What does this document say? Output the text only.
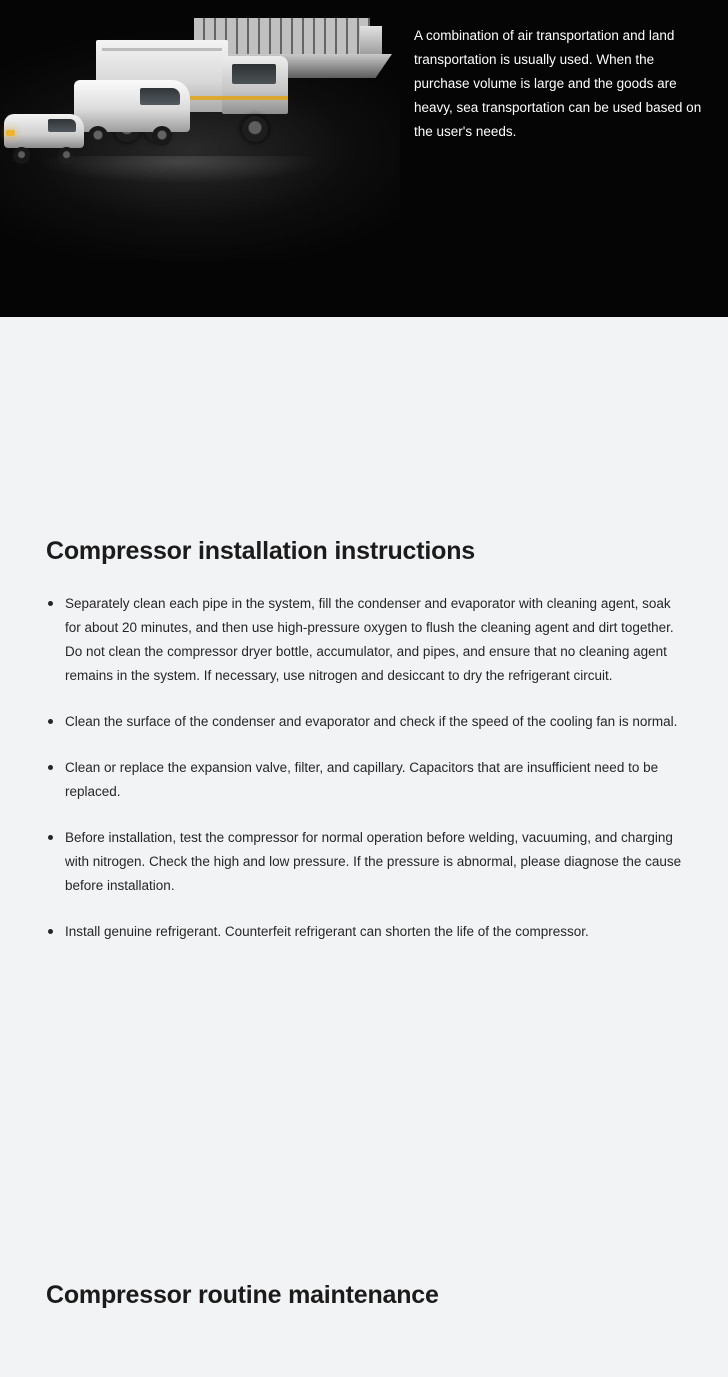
A combination of air transportation and land transportation is usually used. When the purchase volume is large and the goods are heavy, sea transportation can be used based on the user's needs.

Compressor installation instructions
Separately clean each pipe in the system, fill the condenser and evaporator with cleaning agent, soak for about 20 minutes, and then use high-pressure oxygen to flush the cleaning agent and dirt together. Do not clean the compressor dryer bottle, accumulator, and pipes, and ensure that no cleaning agent remains in the system. If necessary, use nitrogen and desiccant to dry the refrigerant circuit.
Clean the surface of the condenser and evaporator and check if the speed of the cooling fan is normal.
Clean or replace the expansion valve, filter, and capillary. Capacitors that are insufficient need to be replaced.
Before installation, test the compressor for normal operation before welding, vacuuming, and charging with nitrogen. Check the high and low pressure. If the pressure is abnormal, please diagnose the cause before installation.
Install genuine refrigerant. Counterfeit refrigerant can shorten the life of the compressor.
Compressor routine maintenance
